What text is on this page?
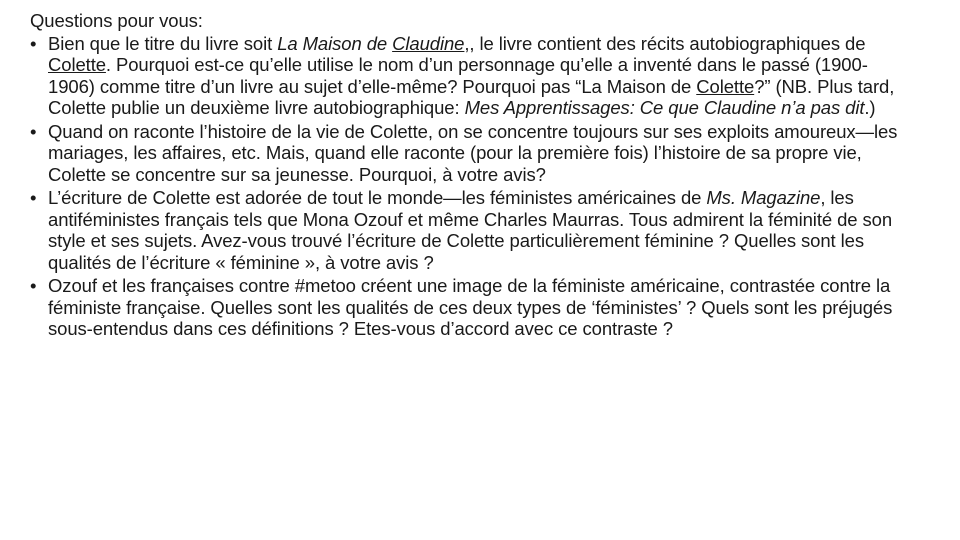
Questions pour vous:
• Bien que le titre du livre soit La Maison de Claudine,, le livre contient des récits autobiographiques de Colette. Pourquoi est-ce qu’elle utilise le nom d’un personnage qu’elle a inventé dans le passé (1900-1906) comme titre d’un livre au sujet d’elle-même? Pourquoi pas “La Maison de Colette?” (NB. Plus tard, Colette publie un deuxième livre autobiographique: Mes Apprentissages: Ce que Claudine n’a pas dit.)
• Quand on raconte l’histoire de la vie de Colette, on se concentre toujours sur ses exploits amoureux—les mariages, les affaires, etc. Mais, quand elle raconte (pour la première fois) l’histoire de sa propre vie, Colette se concentre sur sa jeunesse. Pourquoi, à votre avis?
• L’écriture de Colette est adorée de tout le monde—les féministes américaines de Ms. Magazine, les antiféministes français tels que Mona Ozouf et même Charles Maurras. Tous admirent la féminité de son style et ses sujets. Avez-vous trouvé l’écriture de Colette particulièrement féminine ? Quelles sont les qualités de l’écriture « féminine », à votre avis ?
• Ozouf et les françaises contre #metoo créent une image de la féministe américaine, contrastée contre la féministe française. Quelles sont les qualités de ces deux types de ‘féministes’ ? Quels sont les préjugés sous-entendus dans ces définitions ? Etes-vous d’accord avec ce contraste ?
